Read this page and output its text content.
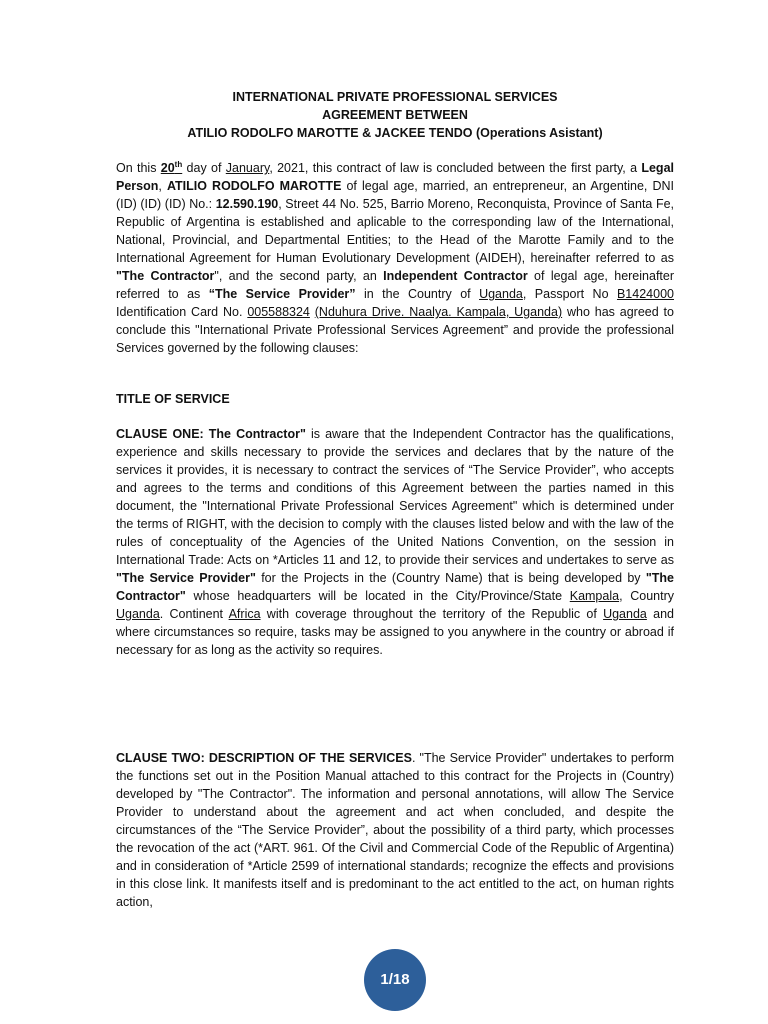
INTERNATIONAL PRIVATE PROFESSIONAL SERVICES
AGREEMENT BETWEEN
ATILIO RODOLFO MAROTTE & JACKEE TENDO (Operations Asistant)
On this 20th day of January, 2021, this contract of law is concluded between the first party, a Legal Person, ATILIO RODOLFO MAROTTE of legal age, married, an entrepreneur, an Argentine, DNI (ID) (ID) (ID) No.: 12.590.190, Street 44 No. 525, Barrio Moreno, Reconquista, Province of Santa Fe, Republic of Argentina is established and aplicable to the corresponding law of the International, National, Provincial, and Departmental Entities; to the Head of the Marotte Family and to the International Agreement for Human Evolutionary Development (AIDEH), hereinafter referred to as "The Contractor", and the second party, an Independent Contractor of legal age, hereinafter referred to as “The Service Provider” in the Country of Uganda, Passport No B1424000 Identification Card No. 005588324 (Nduhura Drive. Naalya. Kampala, Uganda) who has agreed to conclude this "International Private Professional Services Agreement” and provide the professional Services governed by the following clauses:
TITLE OF SERVICE
CLAUSE ONE: The Contractor" is aware that the Independent Contractor has the qualifications, experience and skills necessary to provide the services and declares that by the nature of the services it provides, it is necessary to contract the services of “The Service Provider”, who accepts and agrees to the terms and conditions of this Agreement between the parties named in this document, the "International Private Professional Services Agreement" which is determined under the terms of RIGHT, with the decision to comply with the clauses listed below and with the law of the rules of conceptuality of the Agencies of the United Nations Convention, on the session in International Trade: Acts on *Articles 11 and 12, to provide their services and undertakes to serve as "The Service Provider" for the Projects in the (Country Name) that is being developed by "The Contractor" whose headquarters will be located in the City/Province/State Kampala, Country Uganda. Continent Africa with coverage throughout the territory of the Republic of Uganda and where circumstances so require, tasks may be assigned to you anywhere in the country or abroad if necessary for as long as the activity so requires.
CLAUSE TWO: DESCRIPTION OF THE SERVICES. "The Service Provider" undertakes to perform the functions set out in the Position Manual attached to this contract for the Projects in (Country) developed by "The Contractor". The information and personal annotations, will allow The Service Provider to understand about the agreement and act when concluded, and despite the circumstances of the “The Service Provider”, about the possibility of a third party, which processes the revocation of the act (*ART. 961. Of the Civil and Commercial Code of the Republic of Argentina) and in consideration of *Article 2599 of international standards; recognize the effects and provisions in this close link. It manifests itself and is predominant to the act entitled to the act, on human rights action,
1/18
